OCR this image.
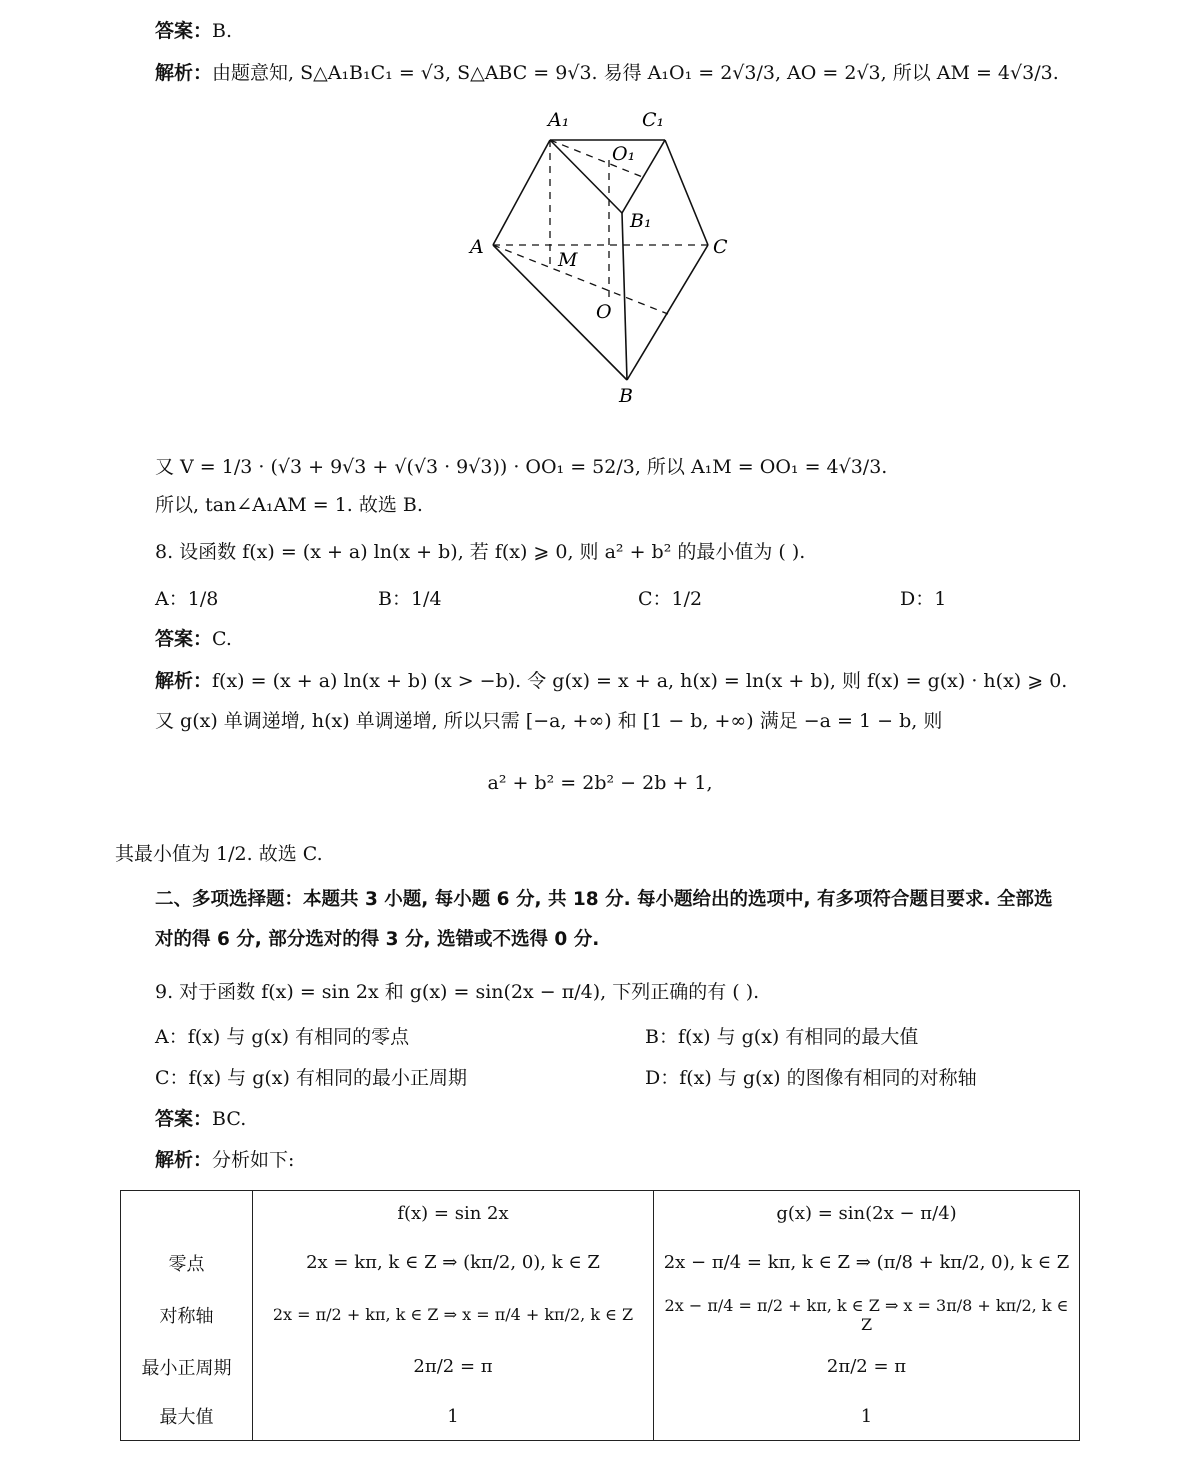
答案：B.
解析：由题意知, S△A₁B₁C₁ = √3, S△ABC = 9√3. 易得 A₁O₁ = 2√3/3, AO = 2√3, 所以 AM = 4√3/3.
A₁	C₁
O₁
B₁
A	C
M
O
B
又 V = 1/3 · (√3 + 9√3 + √(√3 · 9√3)) · OO₁ = 52/3, 所以 A₁M = OO₁ = 4√3/3.
所以, tan∠A₁AM = 1. 故选 B.
8. 设函数 f(x) = (x + a) ln(x + b), 若 f(x) ⩾ 0, 则 a² + b² 的最小值为 ( ).
A：1/8	B：1/4	C：1/2	D：1
答案：C.
解析：f(x) = (x + a) ln(x + b) (x > −b). 令 g(x) = x + a, h(x) = ln(x + b), 则 f(x) = g(x) · h(x) ⩾ 0.
又 g(x) 单调递增, h(x) 单调递增, 所以只需 [−a, +∞) 和 [1 − b, +∞) 满足 −a = 1 − b, 则
a² + b² = 2b² − 2b + 1,
其最小值为 1/2. 故选 C.
二、多项选择题：本题共 3 小题, 每小题 6 分, 共 18 分. 每小题给出的选项中, 有多项符合题目要求. 全部选
对的得 6 分, 部分选对的得 3 分, 选错或不选得 0 分.
9. 对于函数 f(x) = sin 2x 和 g(x) = sin(2x − π/4), 下列正确的有 ( ).
A：f(x) 与 g(x) 有相同的零点	B：f(x) 与 g(x) 有相同的最大值
C：f(x) 与 g(x) 有相同的最小正周期	D：f(x) 与 g(x) 的图像有相同的对称轴
答案：BC.
解析：分析如下:
	f(x) = sin 2x	g(x) = sin(2x − π/4)
零点	2x = kπ, k ∈ Z ⇒ (kπ/2, 0), k ∈ Z	2x − π/4 = kπ, k ∈ Z ⇒ (π/8 + kπ/2, 0), k ∈ Z
对称轴	2x = π/2 + kπ, k ∈ Z ⇒ x = π/4 + kπ/2, k ∈ Z	2x − π/4 = π/2 + kπ, k ∈ Z ⇒ x = 3π/8 + kπ/2, k ∈ Z
最小正周期	2π/2 = π	2π/2 = π
最大值	1	1
